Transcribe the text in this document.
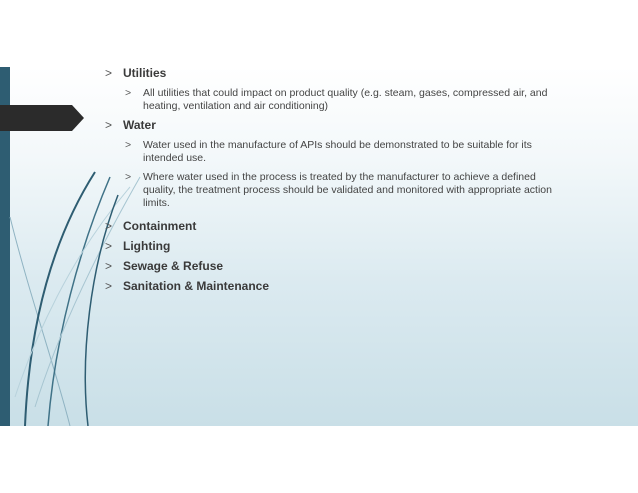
> Utilities
>	All utilities that could impact on product quality (e.g. steam, gases, compressed air, and heating, ventilation and air conditioning)
> Water
>	Water used in the manufacture of APIs should be demonstrated to be suitable for its intended use.
>	Where water used in the process is treated by the manufacturer to achieve a defined quality, the treatment process should be validated and monitored with appropriate action limits.
> Containment
> Lighting
> Sewage & Refuse
> Sanitation & Maintenance
